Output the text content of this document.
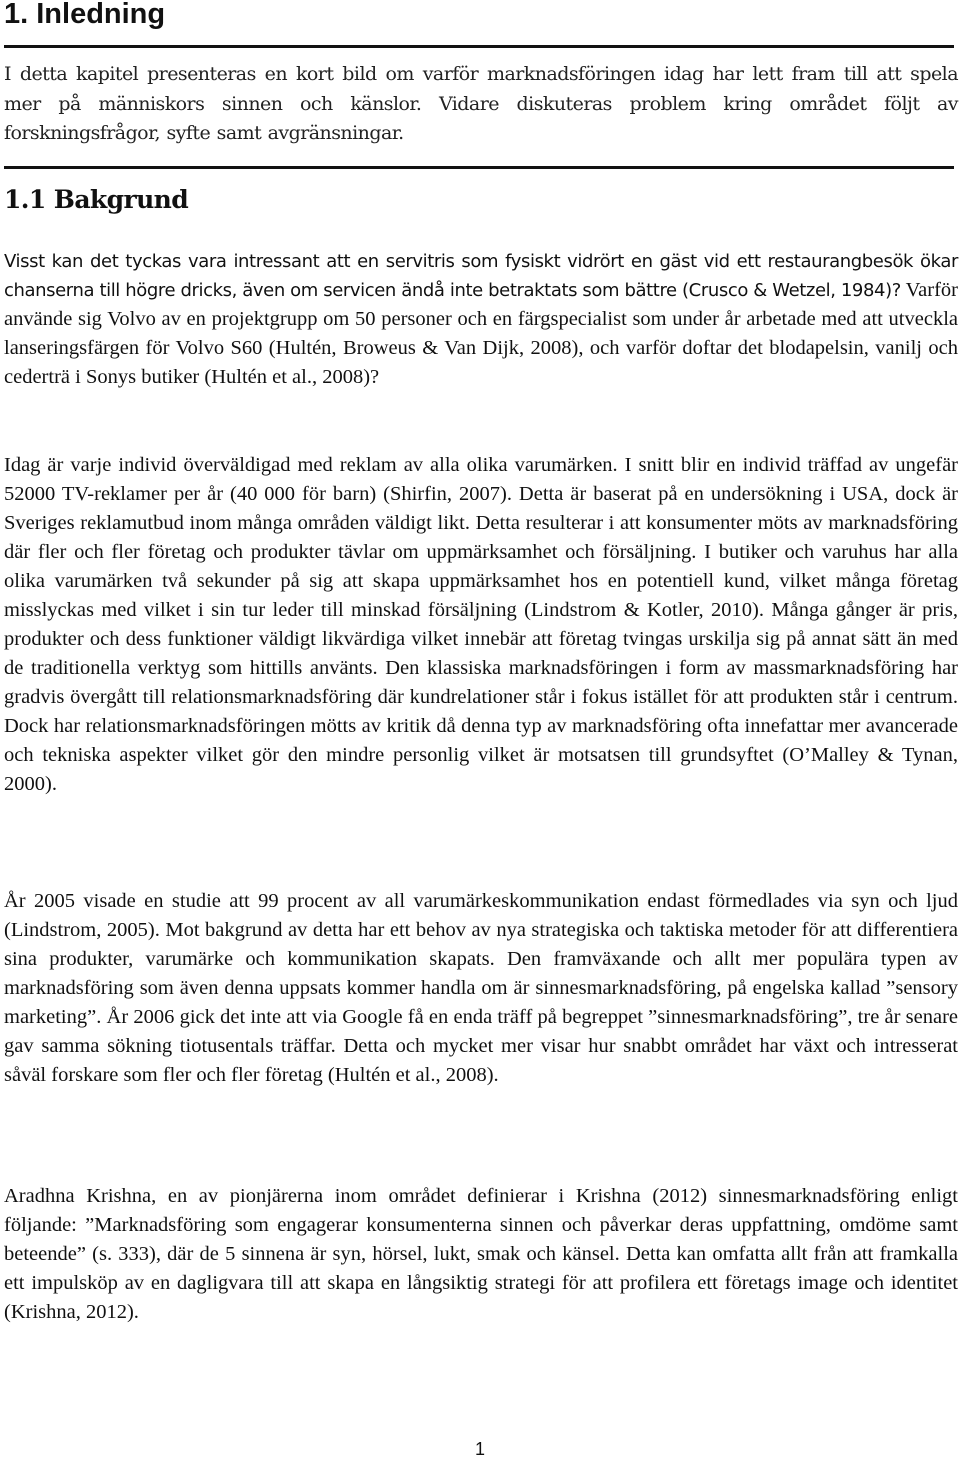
1. Inledning

I detta kapitel presenteras en kort bild om varför marknadsföringen idag har lett fram till att spela mer på människors sinnen och känslor. Vidare diskuteras problem kring området följt av forskningsfrågor, syfte samt avgränsningar.

1.1 Bakgrund

Visst kan det tyckas vara intressant att en servitris som fysiskt vidrört en gäst vid ett restaurangbesök ökar chanserna till högre dricks, även om servicen ändå inte betraktats som bättre (Crusco & Wetzel, 1984)? Varför använde sig Volvo av en projektgrupp om 50 personer och en färgspecialist som under år arbetade med att utveckla lanseringsfärgen för Volvo S60 (Hultén, Broweus & Van Dijk, 2008), och varför doftar det blodapelsin, vanilj och cederträ i Sonys butiker (Hultén et al., 2008)?

Idag är varje individ överväldigad med reklam av alla olika varumärken. I snitt blir en individ träffad av ungefär 52000 TV-reklamer per år (40 000 för barn) (Shirfin, 2007). Detta är baserat på en undersökning i USA, dock är Sveriges reklamutbud inom många områden väldigt likt. Detta resulterar i att konsumenter möts av marknadsföring där fler och fler företag och produkter tävlar om uppmärksamhet och försäljning. I butiker och varuhus har alla olika varumärken två sekunder på sig att skapa uppmärksamhet hos en potentiell kund, vilket många företag misslyckas med vilket i sin tur leder till minskad försäljning (Lindstrom & Kotler, 2010). Många gånger är pris, produkter och dess funktioner väldigt likvärdiga vilket innebär att företag tvingas urskilja sig på annat sätt än med de traditionella verktyg som hittills använts. Den klassiska marknadsföringen i form av massmarknadsföring har gradvis övergått till relationsmarknadsföring där kundrelationer står i fokus istället för att produkten står i centrum. Dock har relationsmarknadsföringen mötts av kritik då denna typ av marknadsföring ofta innefattar mer avancerade och tekniska aspekter vilket gör den mindre personlig vilket är motsatsen till grundsyftet (O’Malley & Tynan, 2000).

År 2005 visade en studie att 99 procent av all varumärkeskommunikation endast förmedlades via syn och ljud (Lindstrom, 2005). Mot bakgrund av detta har ett behov av nya strategiska och taktiska metoder för att differentiera sina produkter, varumärke och kommunikation skapats. Den framväxande och allt mer populära typen av marknadsföring som även denna uppsats kommer handla om är sinnesmarknadsföring, på engelska kallad ”sensory marketing”. År 2006 gick det inte att via Google få en enda träff på begreppet ”sinnesmarknadsföring”, tre år senare gav samma sökning tiotusentals träffar. Detta och mycket mer visar hur snabbt området har växt och intresserat såväl forskare som fler och fler företag (Hultén et al., 2008).

Aradhna Krishna, en av pionjärerna inom området definierar i Krishna (2012) sinnesmarknadsföring enligt följande: ”Marknadsföring som engagerar konsumenterna sinnen och påverkar deras uppfattning, omdöme samt beteende” (s. 333), där de 5 sinnena är syn, hörsel, lukt, smak och känsel. Detta kan omfatta allt från att framkalla ett impulsköp av en dagligvara till att skapa en långsiktig strategi för att profilera ett företags image och identitet (Krishna, 2012).

1
